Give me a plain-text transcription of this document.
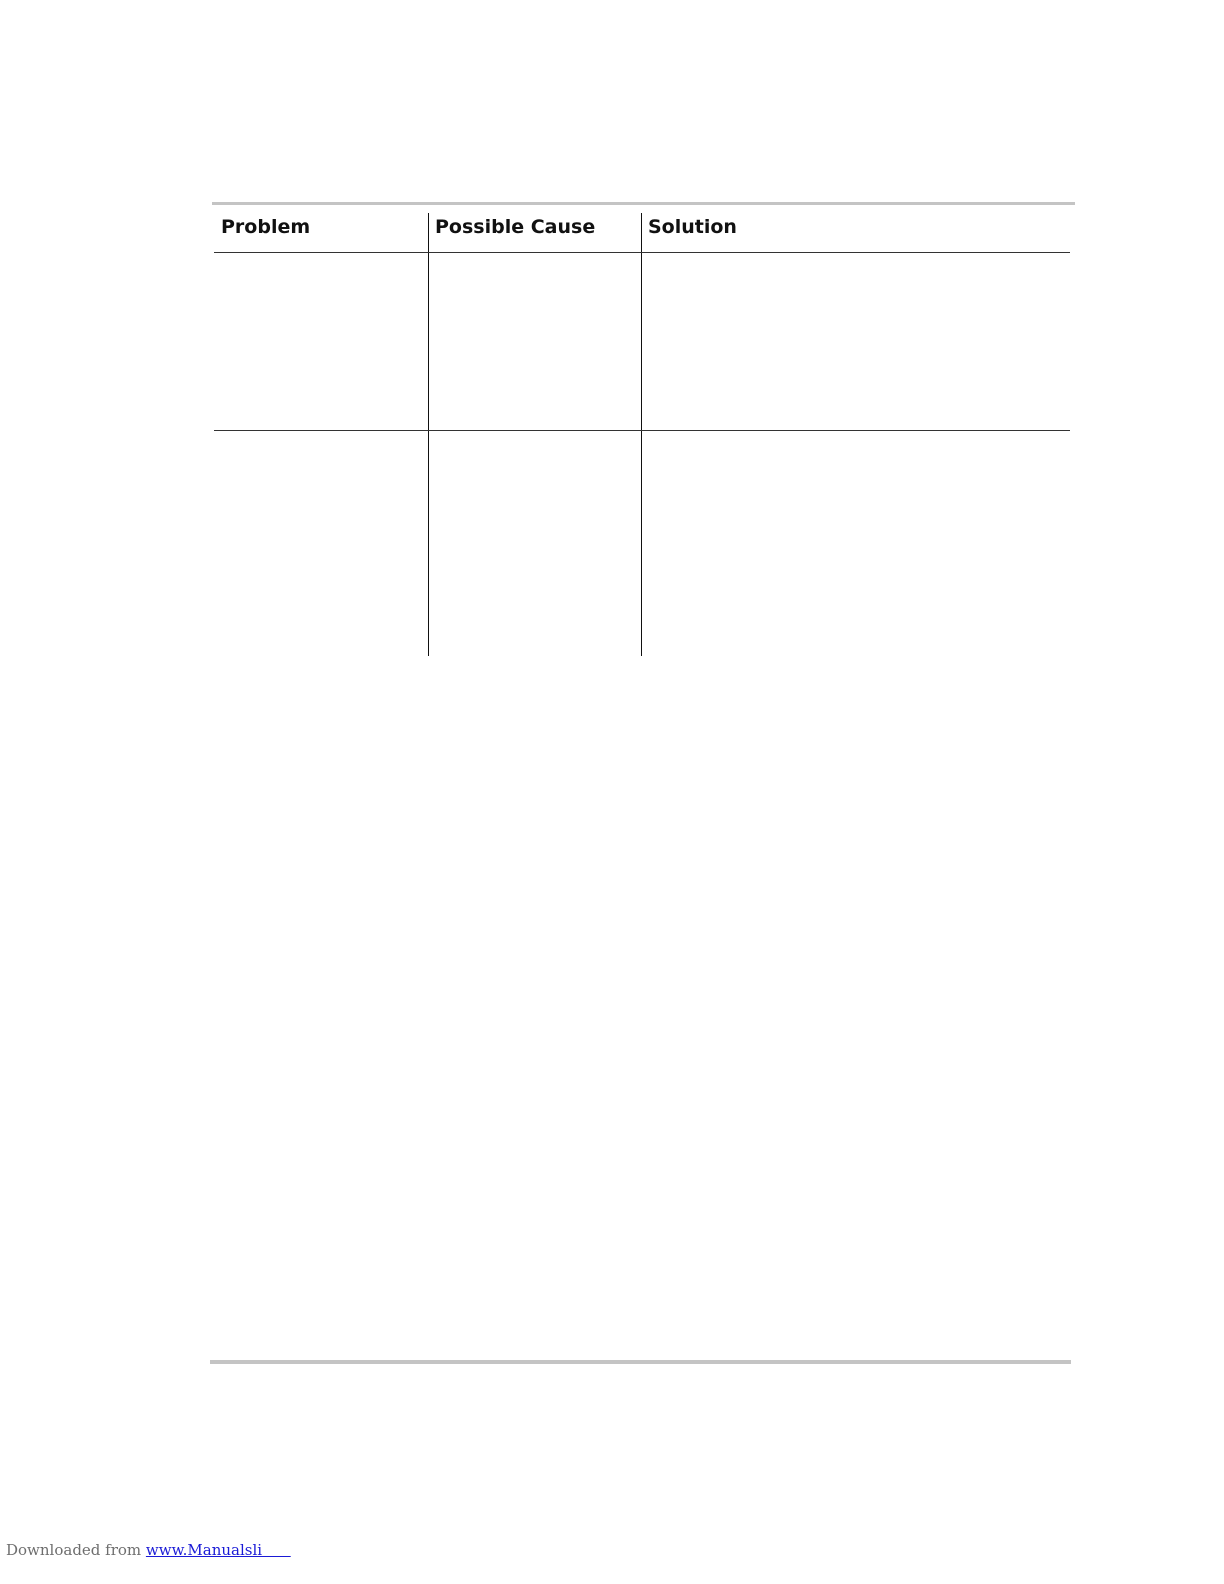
Problem	Possible Cause	Solution
Downloaded from www.Manualsli
